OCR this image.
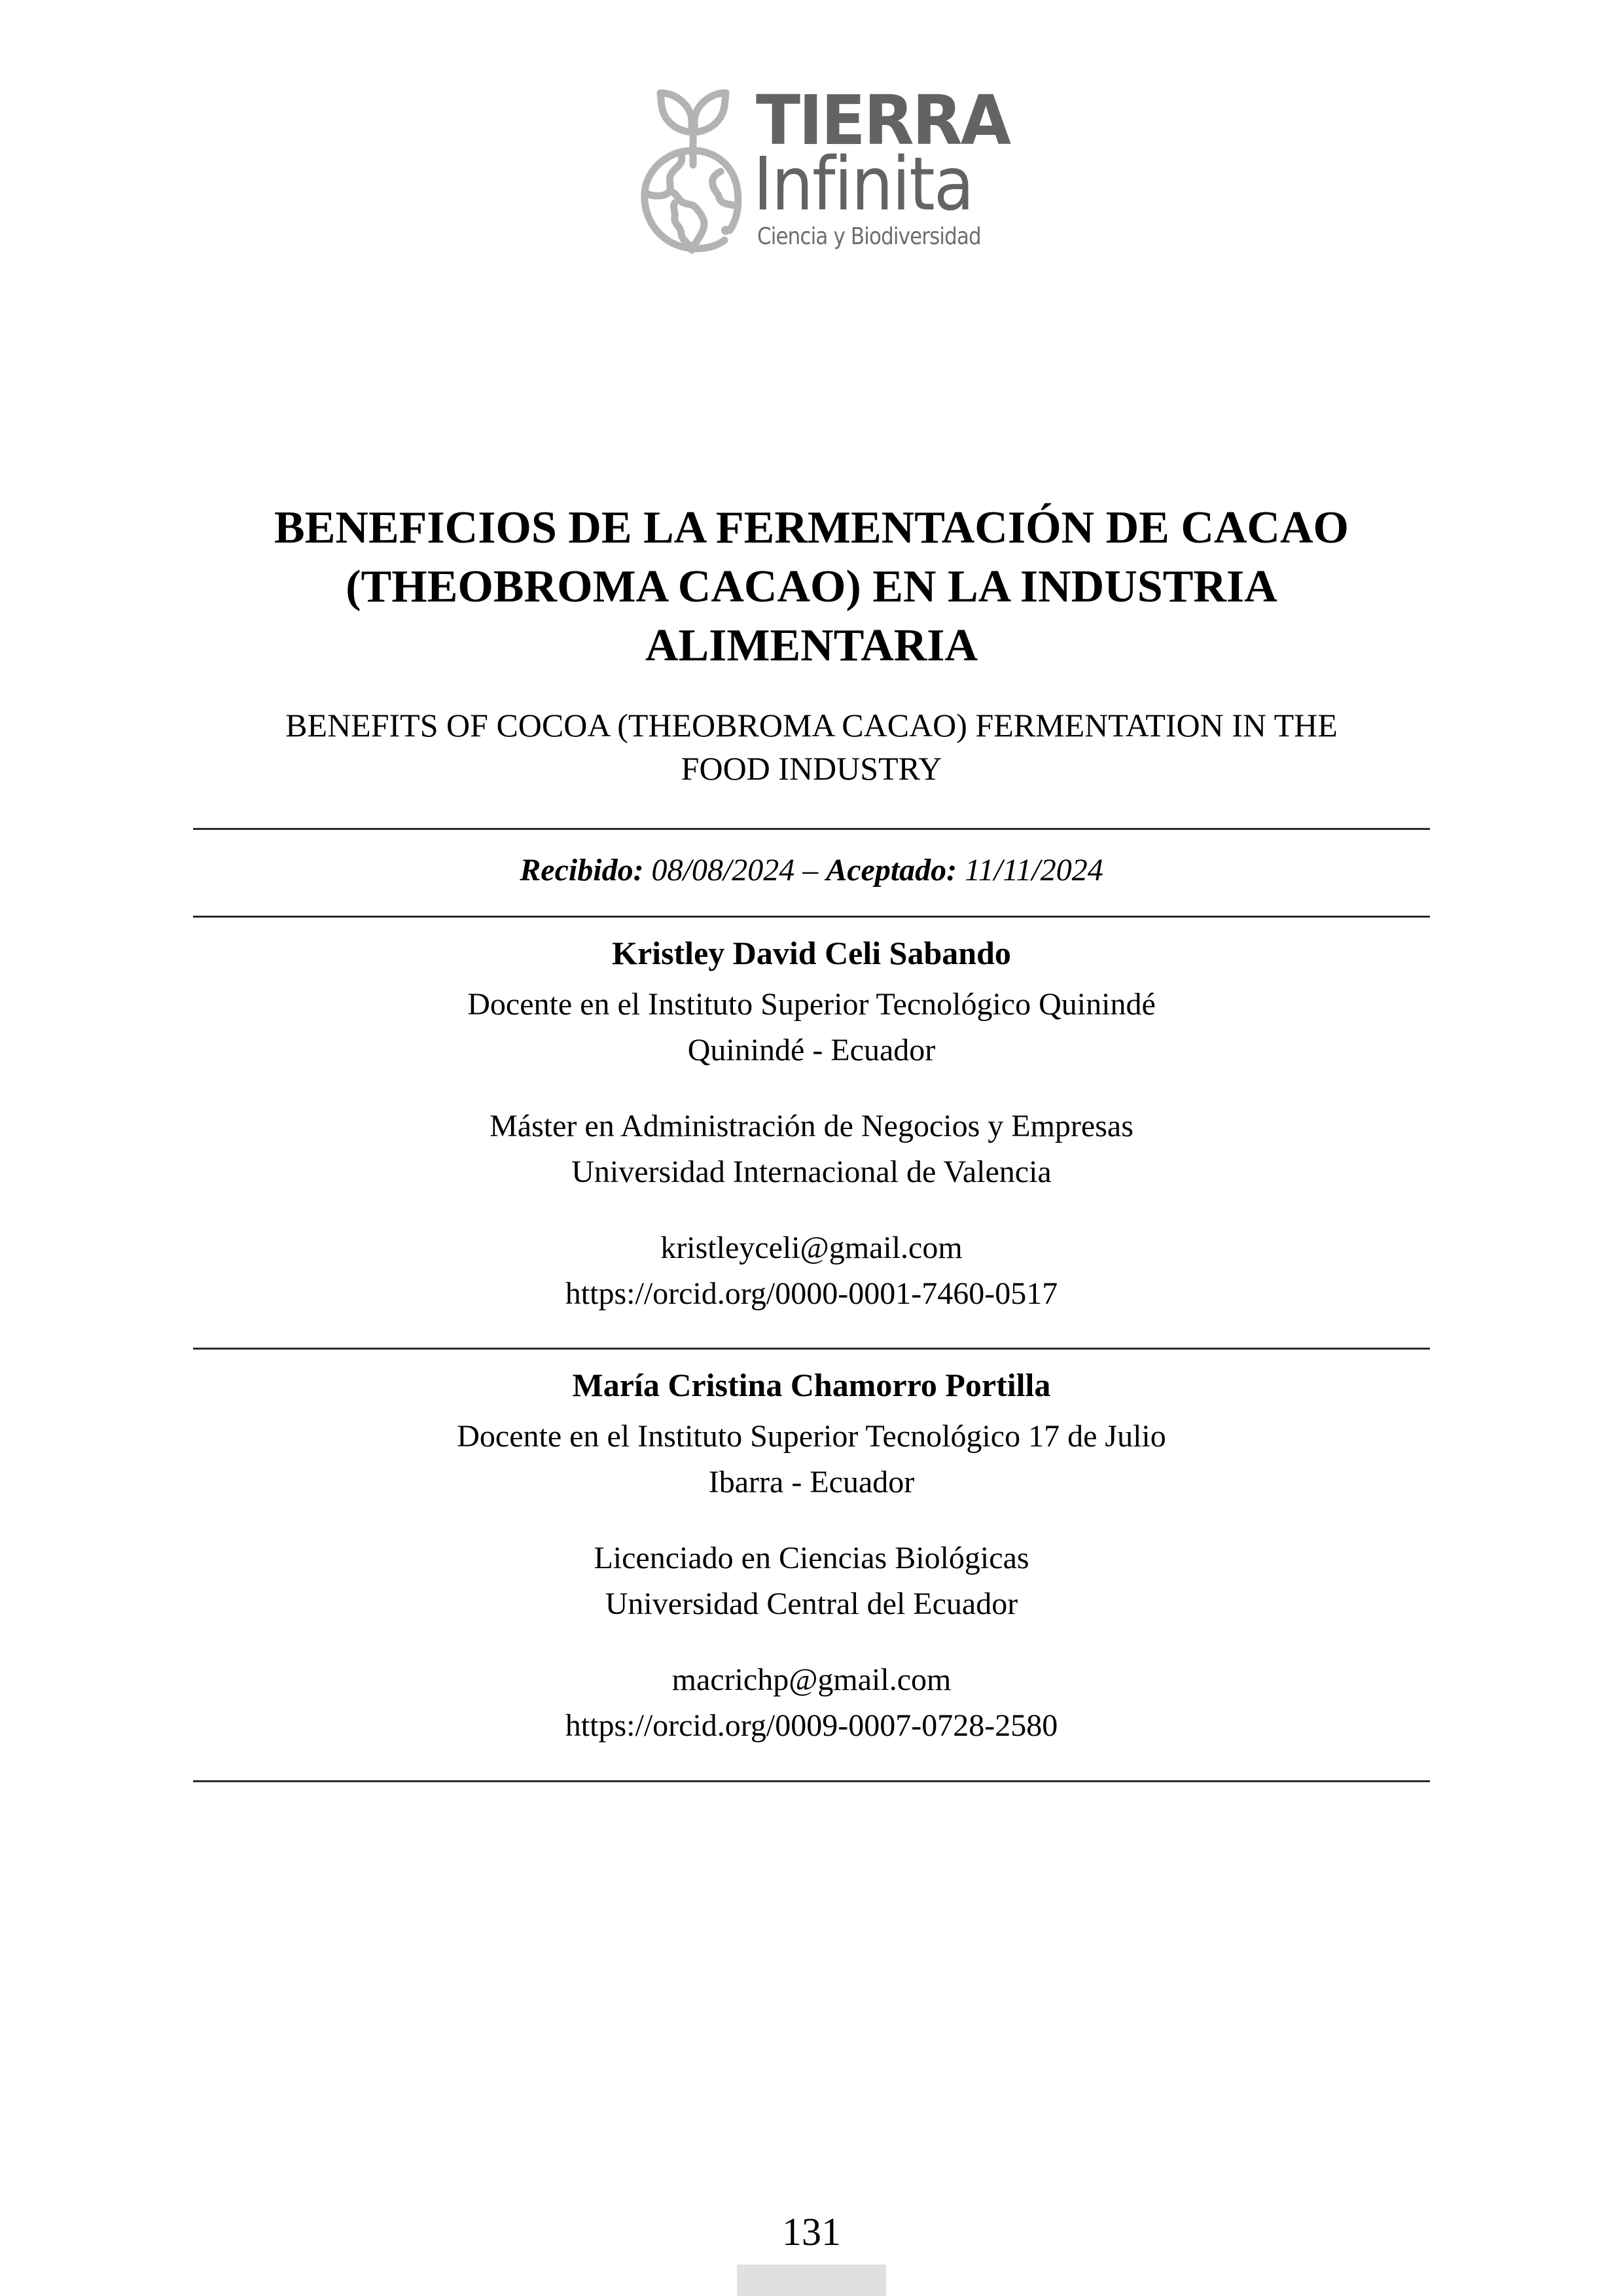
TIERRA
Infinita
Ciencia y Biodiversidad
BENEFICIOS DE LA FERMENTACIÓN DE CACAO
(THEOBROMA CACAO) EN LA INDUSTRIA
ALIMENTARIA
BENEFITS OF COCOA (THEOBROMA CACAO) FERMENTATION IN THE
FOOD INDUSTRY
Recibido: 08/08/2024 – Aceptado: 11/11/2024
Kristley David Celi Sabando
Docente en el Instituto Superior Tecnológico Quinindé
Quinindé - Ecuador
Máster en Administración de Negocios y Empresas
Universidad Internacional de Valencia
kristleyceli@gmail.com
https://orcid.org/0000-0001-7460-0517
María Cristina Chamorro Portilla
Docente en el Instituto Superior Tecnológico 17 de Julio
Ibarra - Ecuador
Licenciado en Ciencias Biológicas
Universidad Central del Ecuador
macrichp@gmail.com
https://orcid.org/0009-0007-0728-2580
131
